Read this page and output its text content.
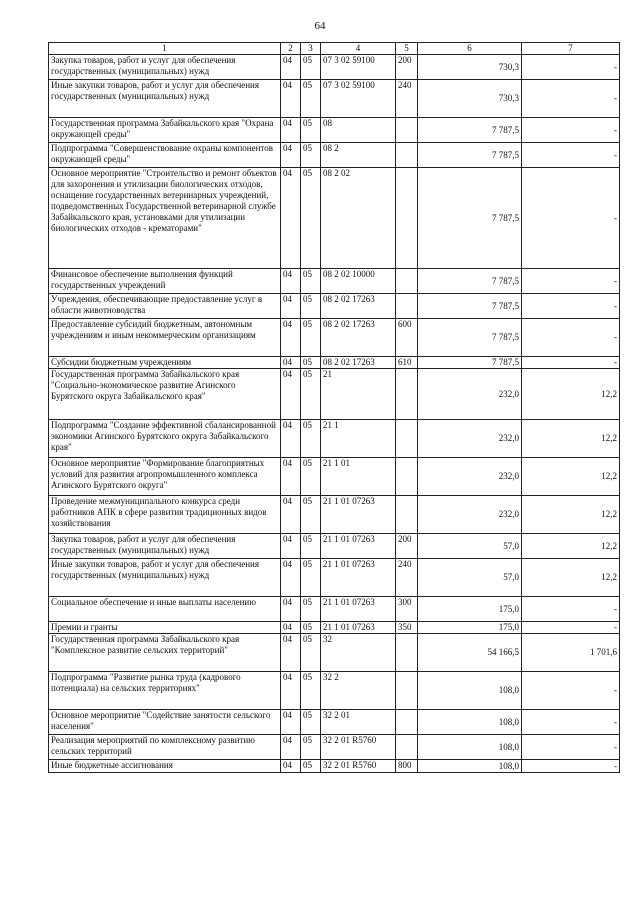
64
1	2	3	4	5	6	7
Закупка товаров, работ и услуг для обеспечения государственных (муниципальных) нужд	04	05	07 3 02 59100	200	730,3	-
Иные закупки товаров, работ и услуг для обеспечения государственных (муниципальных) нужд	04	05	07 3 02 59100	240	730,3	-
Государственная программа Забайкальского края "Охрана окружающей среды"	04	05	08		7 787,5	-
Подпрограмма "Совершенствование охраны компонентов окружающей среды"	04	05	08 2		7 787,5	-
Основное мероприятие "Строительство и ремонт объектов для захоронения и утилизации биологических отходов, оснащение государственных ветеринарных учреждений, подведомственных Государственной ветеринарной службе Забайкальского края, установками для утилизации биологических отходов - крематорами"	04	05	08 2 02		7 787,5	-
Финансовое обеспечение выполнения функций государственных учреждений	04	05	08 2 02 10000		7 787,5	-
Учреждения, обеспечивающие предоставление услуг в области животноводства	04	05	08 2 02 17263		7 787,5	-
Предоставление субсидий бюджетным, автономным учреждениям и иным некоммерческим организациям	04	05	08 2 02 17263	600	7 787,5	-
Субсидии бюджетным учреждениям	04	05	08 2 02 17263	610	7 787,5	-
Государственная программа Забайкальского края "Социально-экономическое развитие Агинского Бурятского округа Забайкальского края"	04	05	21		232,0	12,2
Подпрограмма "Создание эффективной сбалансированной экономики Агинского Бурятского округа Забайкальского края"	04	05	21 1		232,0	12,2
Основное мероприятие "Формирование благоприятных условий для развития агропромышленного комплекса Агинского Бурятского округа"	04	05	21 1 01		232,0	12,2
Проведение межмуниципального конкурса среди работников АПК в сфере развития традиционных видов хозяйствования	04	05	21 1 01 07263		232,0	12,2
Закупка товаров, работ и услуг для обеспечения государственных (муниципальных) нужд	04	05	21 1 01 07263	200	57,0	12,2
Иные закупки товаров, работ и услуг для обеспечения государственных (муниципальных) нужд	04	05	21 1 01 07263	240	57,0	12,2
Социальное обеспечение и иные выплаты населению	04	05	21 1 01 07263	300	175,0	-
Премии и гранты	04	05	21 1 01 07263	350	175,0	-
Государственная программа Забайкальского края "Комплексное развитие сельских территорий"	04	05	32		54 166,5	1 701,6
Подпрограмма "Развитие рынка труда (кадрового потенциала) на сельских территориях"	04	05	32 2		108,0	-
Основное мероприятие "Содействие занятости сельского населения"	04	05	32 2 01		108,0	-
Реализация мероприятий по комплексному развитию сельских территорий	04	05	32 2 01 R5760		108,0	-
Иные бюджетные ассигнования	04	05	32 2 01 R5760	800	108,0	-
